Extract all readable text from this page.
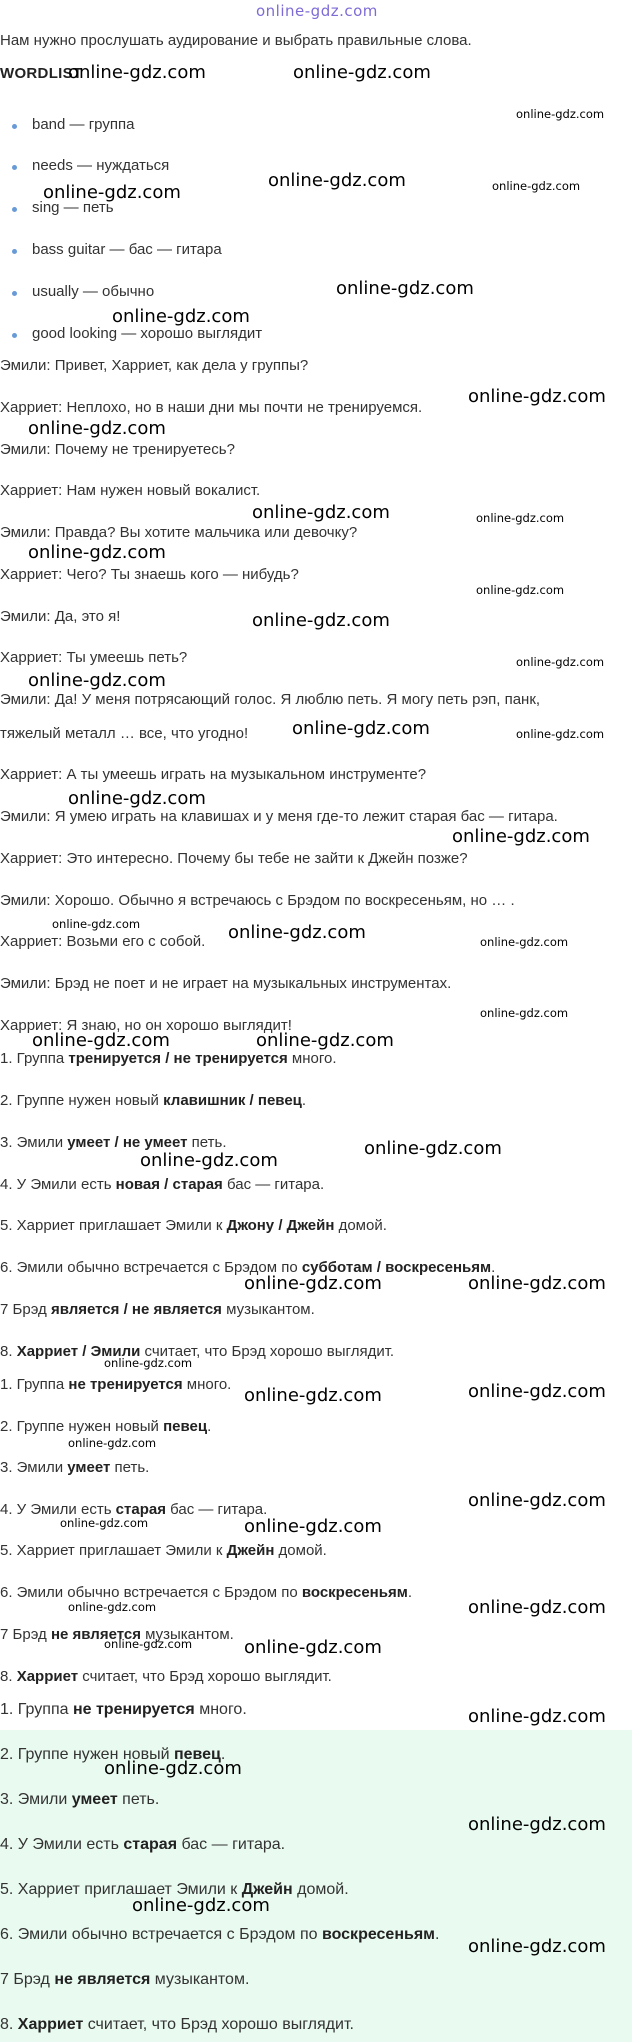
online-gdz.com
Нам нужно прослушать аудирование и выбрать правильные слова.
WORDLIST
band — группа
needs — нуждаться
sing — петь
bass guitar — бас — гитара
usually — обычно
good looking — хорошо выглядит
Эмили: Привет, Харриет, как дела у группы?
Харриет: Неплохо, но в наши дни мы почти не тренируемся.
Эмили: Почему не тренируетесь?
Харриет: Нам нужен новый вокалист.
Эмили: Правда? Вы хотите мальчика или девочку?
Харриет: Чего? Ты знаешь кого — нибудь?
Эмили: Да, это я!
Харриет: Ты умеешь петь?
Эмили: Да! У меня потрясающий голос. Я люблю петь. Я могу петь рэп, панк,
тяжелый металл … все, что угодно!
Харриет: А ты умеешь играть на музыкальном инструменте?
Эмили: Я умею играть на клавишах и у меня где-то лежит старая бас — гитара.
Харриет: Это интересно. Почему бы тебе не зайти к Джейн позже?
Эмили: Хорошо. Обычно я встречаюсь с Брэдом по воскресеньям, но … .
Харриет: Возьми его с собой.
Эмили: Брэд не поет и не играет на музыкальных инструментах.
Харриет: Я знаю, но он хорошо выглядит!
1. Группа тренируется / не тренируется много.
2. Группе нужен новый клавишник / певец.
3. Эмили умеет / не умеет петь.
4. У Эмили есть новая / старая бас — гитара.
5. Харриет приглашает Эмили к Джону / Джейн домой.
6. Эмили обычно встречается с Брэдом по субботам / воскресеньям.
7 Брэд является / не является музыкантом.
8. Харриет / Эмили считает, что Брэд хорошо выглядит.
1. Группа не тренируется много.
2. Группе нужен новый певец.
3. Эмили умеет петь.
4. У Эмили есть старая бас — гитара.
5. Харриет приглашает Эмили к Джейн домой.
6. Эмили обычно встречается с Брэдом по воскресеньям.
7 Брэд не является музыкантом.
8. Харриет считает, что Брэд хорошо выглядит.
1. Группа не тренируется много.
2. Группе нужен новый певец.
3. Эмили умеет петь.
4. У Эмили есть старая бас — гитара.
5. Харриет приглашает Эмили к Джейн домой.
6. Эмили обычно встречается с Брэдом по воскресеньям.
7 Брэд не является музыкантом.
8. Харриет считает, что Брэд хорошо выглядит.
online-gdz.com	online-gdz.com
online-gdz.com
online-gdz.com	online-gdz.com
online-gdz.com
online-gdz.com
online-gdz.com
online-gdz.com
online-gdz.com
online-gdz.com	online-gdz.com
online-gdz.com
online-gdz.com
online-gdz.com
online-gdz.com
online-gdz.com
online-gdz.com
online-gdz.com
online-gdz.com
online-gdz.com
online-gdz.com	online-gdz.com	online-gdz.com
online-gdz.com
online-gdz.com	online-gdz.com
online-gdz.com
online-gdz.com
online-gdz.com	online-gdz.com
online-gdz.com
online-gdz.com	online-gdz.com
online-gdz.com
online-gdz.com
online-gdz.com	online-gdz.com
online-gdz.com	online-gdz.com
online-gdz.com	online-gdz.com
online-gdz.com
online-gdz.com
online-gdz.com
online-gdz.com
online-gdz.com
